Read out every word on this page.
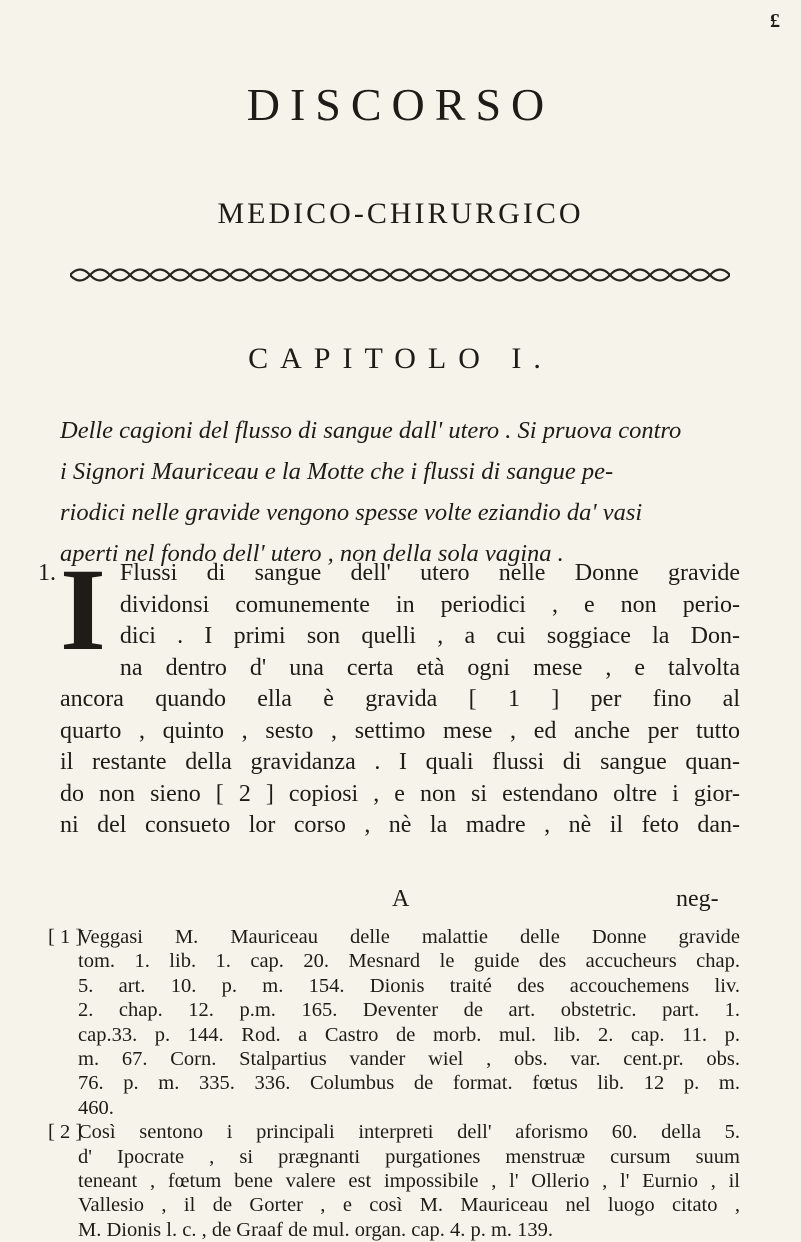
£
DISCORSO
MEDICO-CHIRURGICO
CAPITOLO I.
Delle cagioni del flusso di sangue dall' utero . Si pruova contro
i Signori Mauriceau e la Motte che i flussi di sangue pe-
riodici nelle gravide vengono spesse volte eziandio da' vasi
aperti nel fondo dell' utero , non della sola vagina .
1. I Flussi di sangue dell' utero nelle Donne gravide
dividonsi comunemente in periodici , e non perio-
dici . I primi son quelli , a cui soggiace la Don-
na dentro d' una certa età ogni mese , e talvolta
ancora quando ella è gravida [ 1 ] per fino al
quarto , quinto , sesto , settimo mese , ed anche per tutto
il restante della gravidanza . I quali flussi di sangue quan-
do non sieno [ 2 ] copiosi , e non si estendano oltre i gior-
ni del consueto lor corso , nè la madre , nè il feto dan-
A	neg-
[ 1 ]
Veggasi M. Mauriceau delle malattie delle Donne gravide
tom. 1. lib. 1. cap. 20. Mesnard le guide des accucheurs chap.
5. art. 10. p. m. 154. Dionis traité des accouchemens liv.
2. chap. 12. p.m. 165. Deventer de art. obstetric. part. 1.
cap.33. p. 144. Rod. a Castro de morb. mul. lib. 2. cap. 11. p.
m. 67. Corn. Stalpartius vander wiel , obs. var. cent.pr. obs.
76. p. m. 335. 336. Columbus de format. fœtus lib. 12 p. m.
460.
[ 2 ]
Così sentono i principali interpreti dell' aforismo 60. della 5.
d' Ipocrate , si prægnanti purgationes menstruæ cursum suum
teneant , fœtum bene valere est impossibile , l' Ollerio , l' Eurnio , il
Vallesio , il de Gorter , e così M. Mauriceau nel luogo citato ,
M. Dionis l. c. , de Graaf de mul. organ. cap. 4. p. m. 139.
